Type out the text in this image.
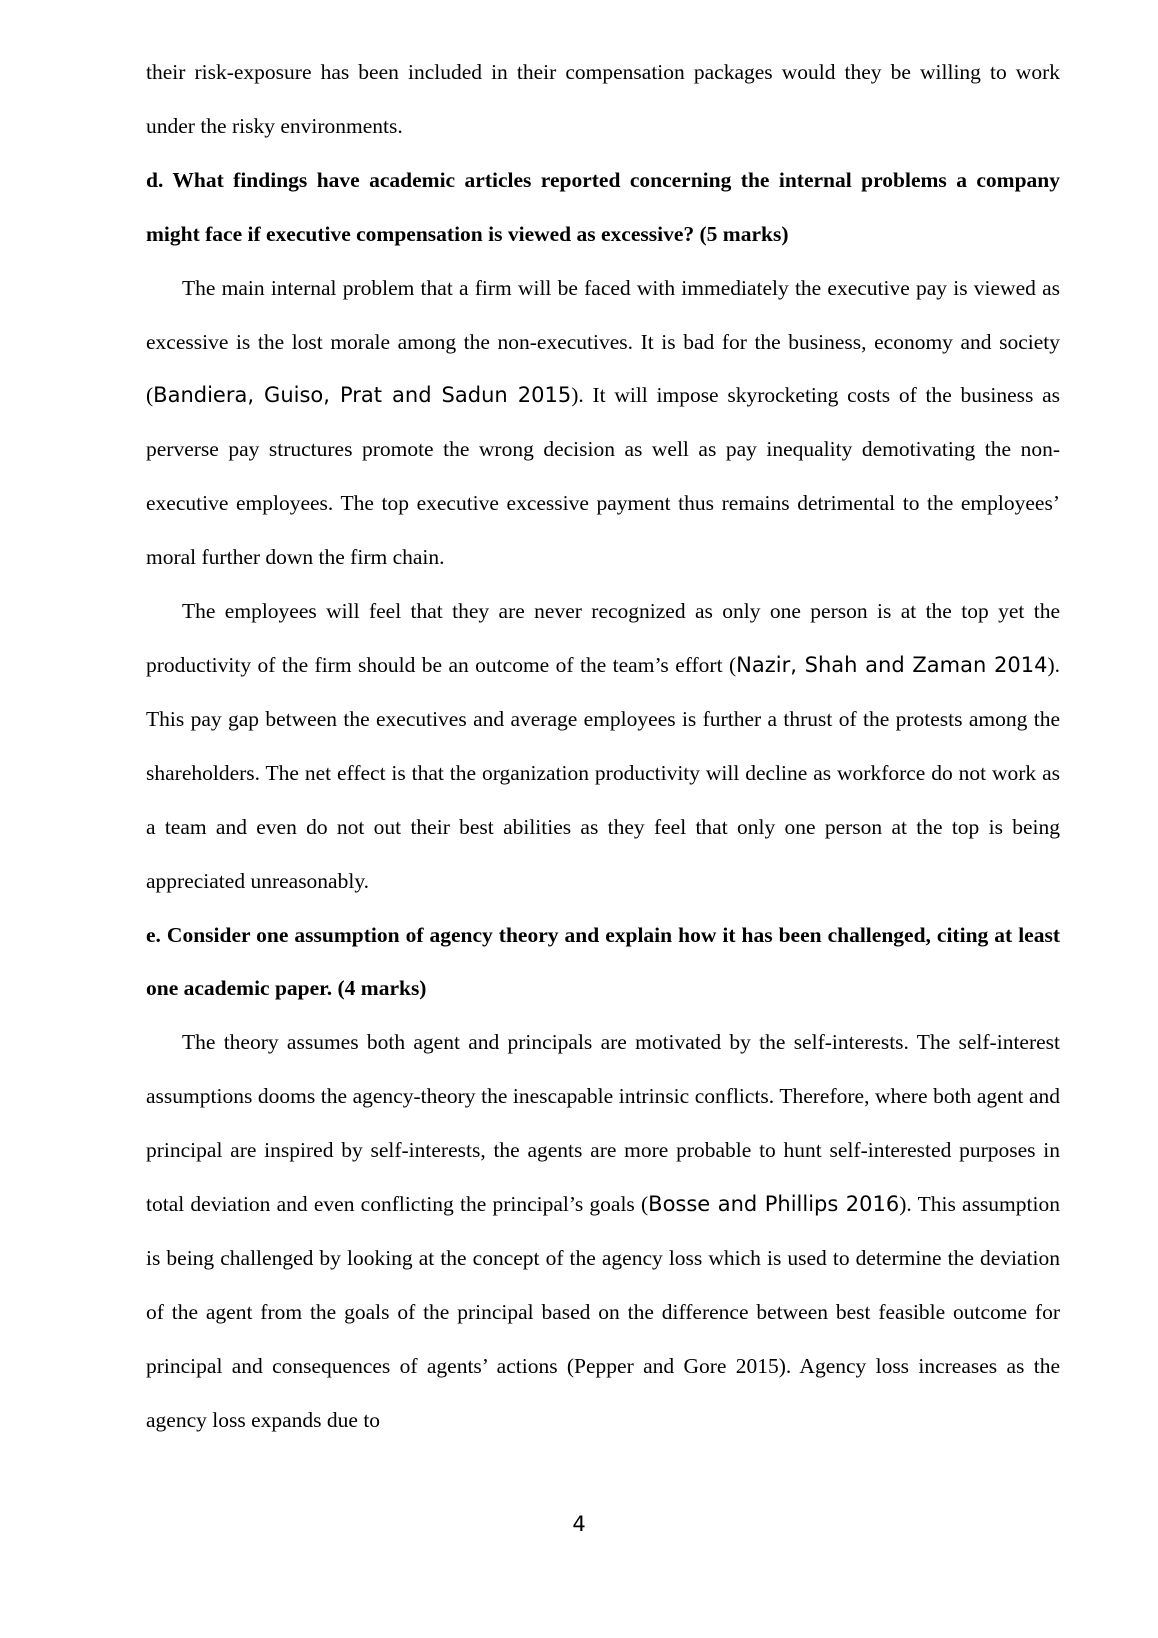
their risk-exposure has been included in their compensation packages would they be willing to work under the risky environments.

d. What findings have academic articles reported concerning the internal problems a company might face if executive compensation is viewed as excessive? (5 marks)

The main internal problem that a firm will be faced with immediately the executive pay is viewed as excessive is the lost morale among the non-executives. It is bad for the business, economy and society (Bandiera, Guiso, Prat and Sadun 2015). It will impose skyrocketing costs of the business as perverse pay structures promote the wrong decision as well as pay inequality demotivating the non-executive employees. The top executive excessive payment thus remains detrimental to the employees’ moral further down the firm chain.

The employees will feel that they are never recognized as only one person is at the top yet the productivity of the firm should be an outcome of the team’s effort (Nazir, Shah and Zaman 2014). This pay gap between the executives and average employees is further a thrust of the protests among the shareholders. The net effect is that the organization productivity will decline as workforce do not work as a team and even do not out their best abilities as they feel that only one person at the top is being appreciated unreasonably.

e. Consider one assumption of agency theory and explain how it has been challenged, citing at least one academic paper. (4 marks)

The theory assumes both agent and principals are motivated by the self-interests. The self-interest assumptions dooms the agency-theory the inescapable intrinsic conflicts. Therefore, where both agent and principal are inspired by self-interests, the agents are more probable to hunt self-interested purposes in total deviation and even conflicting the principal’s goals (Bosse and Phillips 2016). This assumption is being challenged by looking at the concept of the agency loss which is used to determine the deviation of the agent from the goals of the principal based on the difference between best feasible outcome for principal and consequences of agents’ actions (Pepper and Gore 2015). Agency loss increases as the agency loss expands due to

4
